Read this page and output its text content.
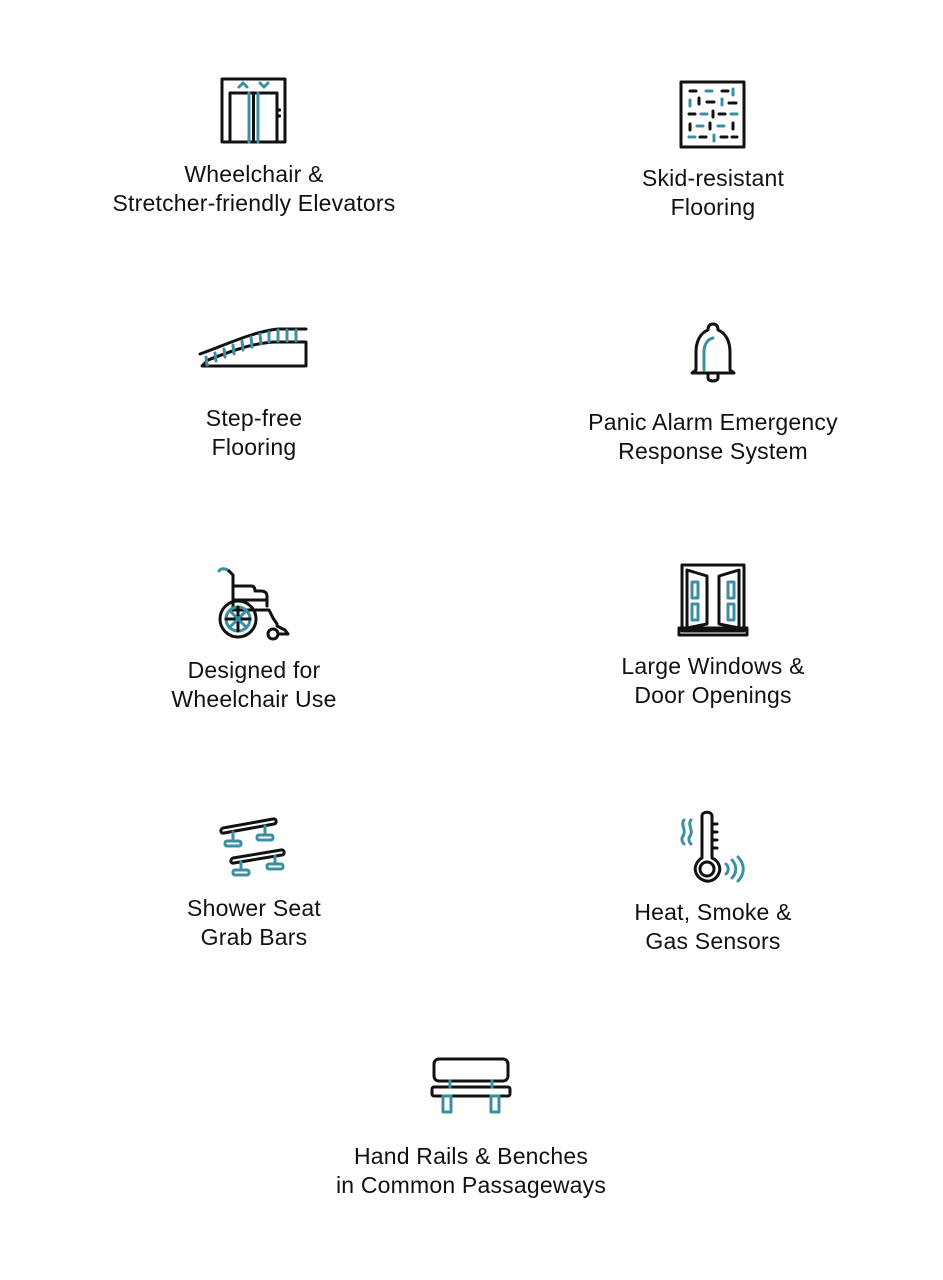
Wheelchair &
Stretcher-friendly Elevators
Skid-resistant
Flooring
Step-free
Flooring
Panic Alarm Emergency
Response System
Designed for
Wheelchair Use
Large Windows &
Door Openings
Shower Seat
Grab Bars
Heat, Smoke &
Gas Sensors
Hand Rails & Benches
in Common Passageways
